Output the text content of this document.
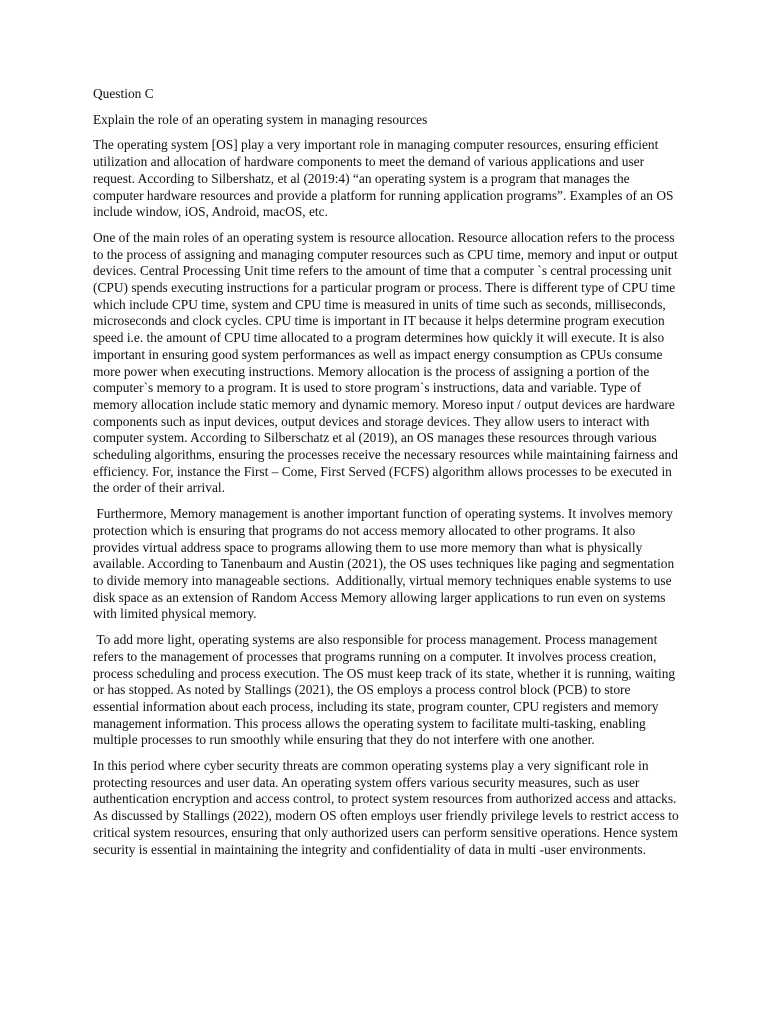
Question C

Explain the role of an operating system in managing resources

The operating system [OS] play a very important role in managing computer resources, ensuring efficient utilization and allocation of hardware components to meet the demand of various applications and user request. According to Silbershatz, et al (2019:4) “an operating system is a program that manages the computer hardware resources and provide a platform for running application programs”. Examples of an OS include window, iOS, Android, macOS, etc.

One of the main roles of an operating system is resource allocation. Resource allocation refers to the process to the process of assigning and managing computer resources such as CPU time, memory and input or output devices. Central Processing Unit time refers to the amount of time that a computer `s central processing unit (CPU) spends executing instructions for a particular program or process. There is different type of CPU time which include CPU time, system and CPU time is measured in units of time such as seconds, milliseconds, microseconds and clock cycles. CPU time is important in IT because it helps determine program execution speed i.e. the amount of CPU time allocated to a program determines how quickly it will execute. It is also important in ensuring good system performances as well as impact energy consumption as CPUs consume more power when executing instructions. Memory allocation is the process of assigning a portion of the computer`s memory to a program. It is used to store program`s instructions, data and variable. Type of memory allocation include static memory and dynamic memory. Moreso input / output devices are hardware components such as input devices, output devices and storage devices. They allow users to interact with computer system. According to Silberschatz et al (2019), an OS manages these resources through various scheduling algorithms, ensuring the processes receive the necessary resources while maintaining fairness and efficiency. For, instance the First – Come, First Served (FCFS) algorithm allows processes to be executed in the order of their arrival.

Furthermore, Memory management is another important function of operating systems. It involves memory protection which is ensuring that programs do not access memory allocated to other programs. It also provides virtual address space to programs allowing them to use more memory than what is physically available. According to Tanenbaum and Austin (2021), the OS uses techniques like paging and segmentation to divide memory into manageable sections.  Additionally, virtual memory techniques enable systems to use disk space as an extension of Random Access Memory allowing larger applications to run even on systems with limited physical memory.

To add more light, operating systems are also responsible for process management. Process management refers to the management of processes that programs running on a computer. It involves process creation, process scheduling and process execution. The OS must keep track of its state, whether it is running, waiting or has stopped. As noted by Stallings (2021), the OS employs a process control block (PCB) to store essential information about each process, including its state, program counter, CPU registers and memory management information. This process allows the operating system to facilitate multi-tasking, enabling multiple processes to run smoothly while ensuring that they do not interfere with one another.

In this period where cyber security threats are common operating systems play a very significant role in protecting resources and user data. An operating system offers various security measures, such as user authentication encryption and access control, to protect system resources from authorized access and attacks. As discussed by Stallings (2022), modern OS often employs user friendly privilege levels to restrict access to critical system resources, ensuring that only authorized users can perform sensitive operations. Hence system security is essential in maintaining the integrity and confidentiality of data in multi -user environments.
